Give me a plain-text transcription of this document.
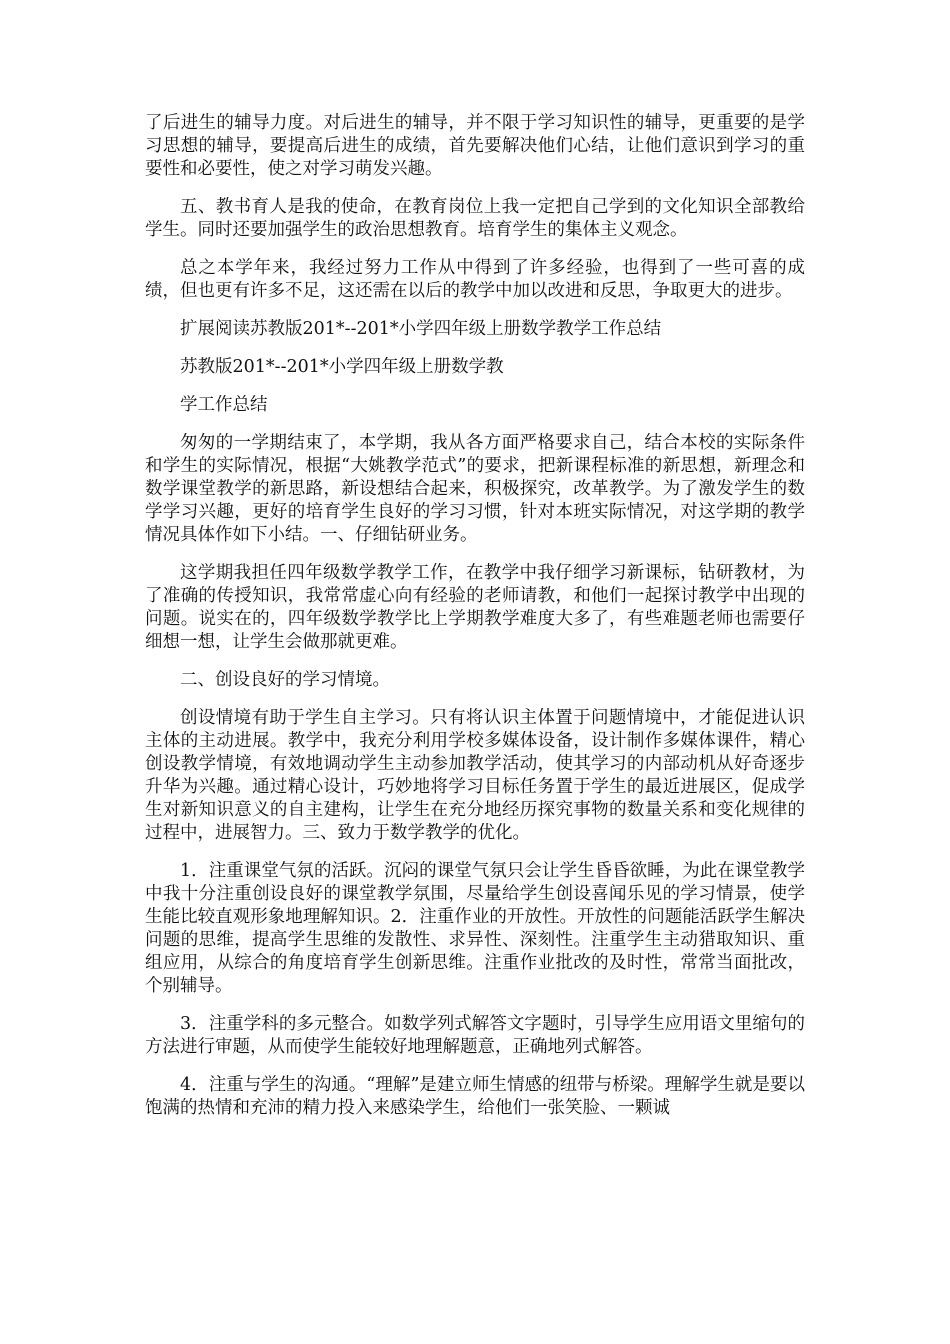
了后进生的辅导力度。对后进生的辅导，并不限于学习知识性的辅导，更重要的是学习思想的辅导，要提高后进生的成绩，首先要解决他们心结，让他们意识到学习的重要性和必要性，使之对学习萌发兴趣。

五、教书育人是我的使命，在教育岗位上我一定把自己学到的文化知识全部教给学生。同时还要加强学生的政治思想教育。培育学生的集体主义观念。

总之本学年来，我经过努力工作从中得到了许多经验，也得到了一些可喜的成绩，但也更有许多不足，这还需在以后的教学中加以改进和反思，争取更大的进步。

扩展阅读苏教版201*--201*小学四年级上册数学教学工作总结

苏教版201*--201*小学四年级上册数学教

学工作总结

匆匆的一学期结束了，本学期，我从各方面严格要求自己，结合本校的实际条件和学生的实际情况，根据“大姚教学范式”的要求，把新课程标准的新思想，新理念和数学课堂教学的新思路，新设想结合起来，积极探究，改革教学。为了激发学生的数学学习兴趣，更好的培育学生良好的学习习惯，针对本班实际情况，对这学期的教学情况具体作如下小结。一、仔细钻研业务。

这学期我担任四年级数学教学工作，在教学中我仔细学习新课标，钻研教材，为了准确的传授知识，我常常虚心向有经验的老师请教，和他们一起探讨教学中出现的问题。说实在的，四年级数学教学比上学期教学难度大多了，有些难题老师也需要仔细想一想，让学生会做那就更难。

二、创设良好的学习情境。

创设情境有助于学生自主学习。只有将认识主体置于问题情境中，才能促进认识主体的主动进展。教学中，我充分利用学校多媒体设备，设计制作多媒体课件，精心创设教学情境，有效地调动学生主动参加教学活动，使其学习的内部动机从好奇逐步升华为兴趣。通过精心设计，巧妙地将学习目标任务置于学生的最近进展区，促成学生对新知识意义的自主建构，让学生在充分地经历探究事物的数量关系和变化规律的过程中，进展智力。三、致力于数学教学的优化。

1．注重课堂气氛的活跃。沉闷的课堂气氛只会让学生昏昏欲睡，为此在课堂教学中我十分注重创设良好的课堂教学氛围，尽量给学生创设喜闻乐见的学习情景，使学生能比较直观形象地理解知识。2．注重作业的开放性。开放性的问题能活跃学生解决问题的思维，提高学生思维的发散性、求异性、深刻性。注重学生主动猎取知识、重组应用，从综合的角度培育学生创新思维。注重作业批改的及时性，常常当面批改，个别辅导。

3．注重学科的多元整合。如数学列式解答文字题时，引导学生应用语文里缩句的方法进行审题，从而使学生能较好地理解题意，正确地列式解答。

4．注重与学生的沟通。“理解”是建立师生情感的纽带与桥梁。理解学生就是要以饱满的热情和充沛的精力投入来感染学生，给他们一张笑脸、一颗诚
